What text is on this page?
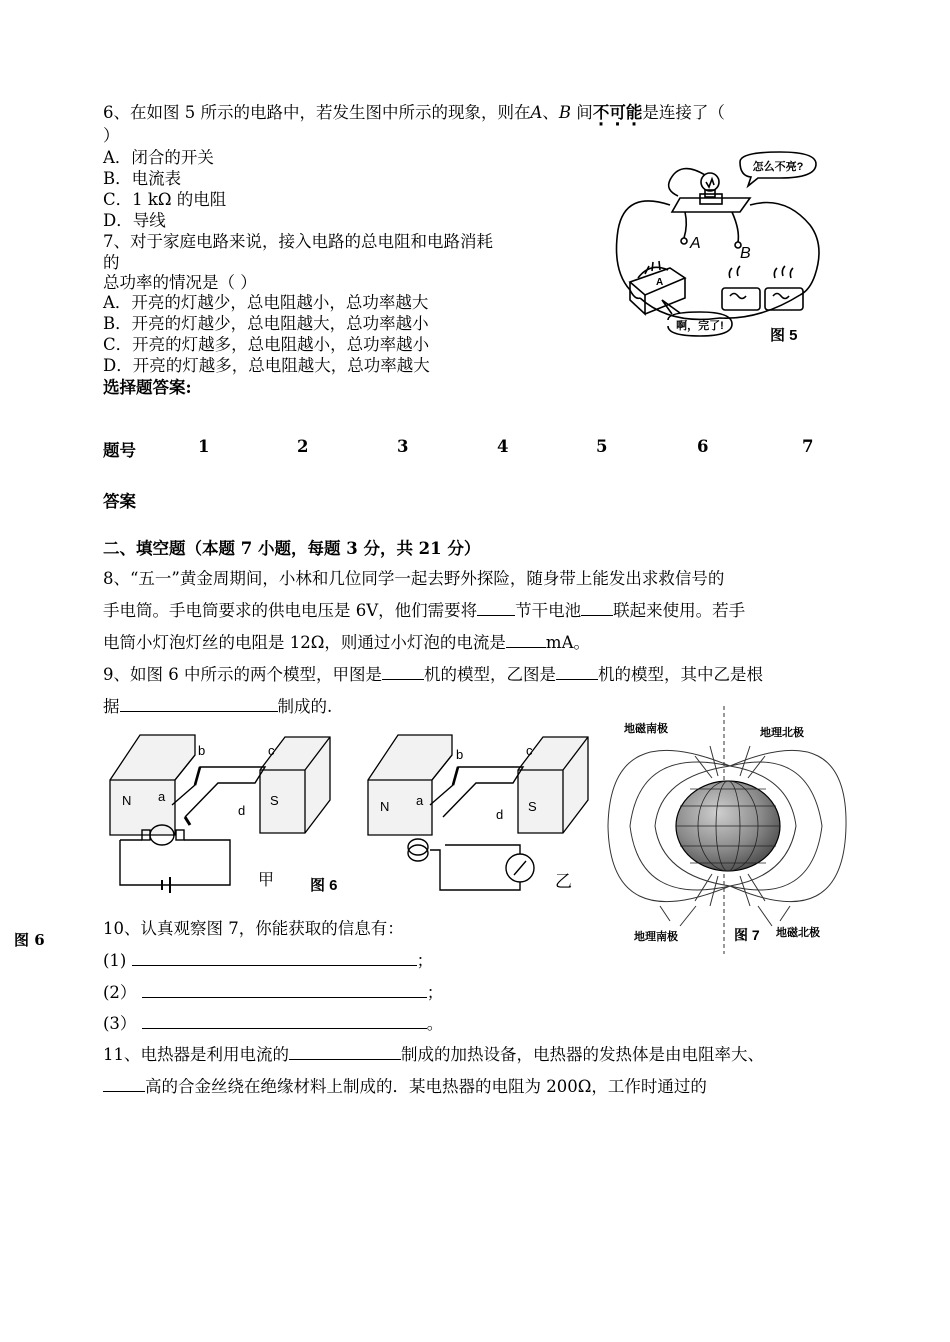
6、在如图 5 所示的电路中，若发生图中所示的现象，则在A、B 间不可能是连接了（
）
A．闭合的开关
B．电流表
C．1 kΩ 的电阻
D．导线
7、对于家庭电路来说，接入电路的总电阻和电路消耗
的
总功率的情况是（ ）
A．开亮的灯越少，总电阻越小，总功率越大
B．开亮的灯越少，总电阻越大，总功率越小
C．开亮的灯越多，总电阻越小，总功率越小
D．开亮的灯越多，总电阻越大，总功率越大
怎么不亮?
啊，完了!
A
B
A
图 5
选择题答案:
题号	1	2	3	4	5	6	7
答案
二、填空题（本题 7 小题，每题 3 分，共 21 分）
8、“五一”黄金周期间，小林和几位同学一起去野外探险，随身带上能发出求救信号的
手电筒。手电筒要求的供电电压是 6V，他们需要将 节干电池 联起来使用。若手
电筒小灯泡灯丝的电阻是 12Ω，则通过小灯泡的电流是 mA。
9、如图 6 中所示的两个模型，甲图是	机的模型，乙图是	机的模型，其中乙是根
据	制成的.
N	S
a
b	c
d
甲
N	S
a
b	c
d
乙
图 6
图 6
地磁南极	地理北极
地理南极	地磁北极
图 7
10、认真观察图 7，你能获取的信息有：
(1)	；
(2）	；
(3）	。
11、电热器是利用电流的	制成的加热设备，电热器的发热体是由电阻率大、
高的合金丝绕在绝缘材料上制成的．某电热器的电阻为 200Ω，工作时通过的
